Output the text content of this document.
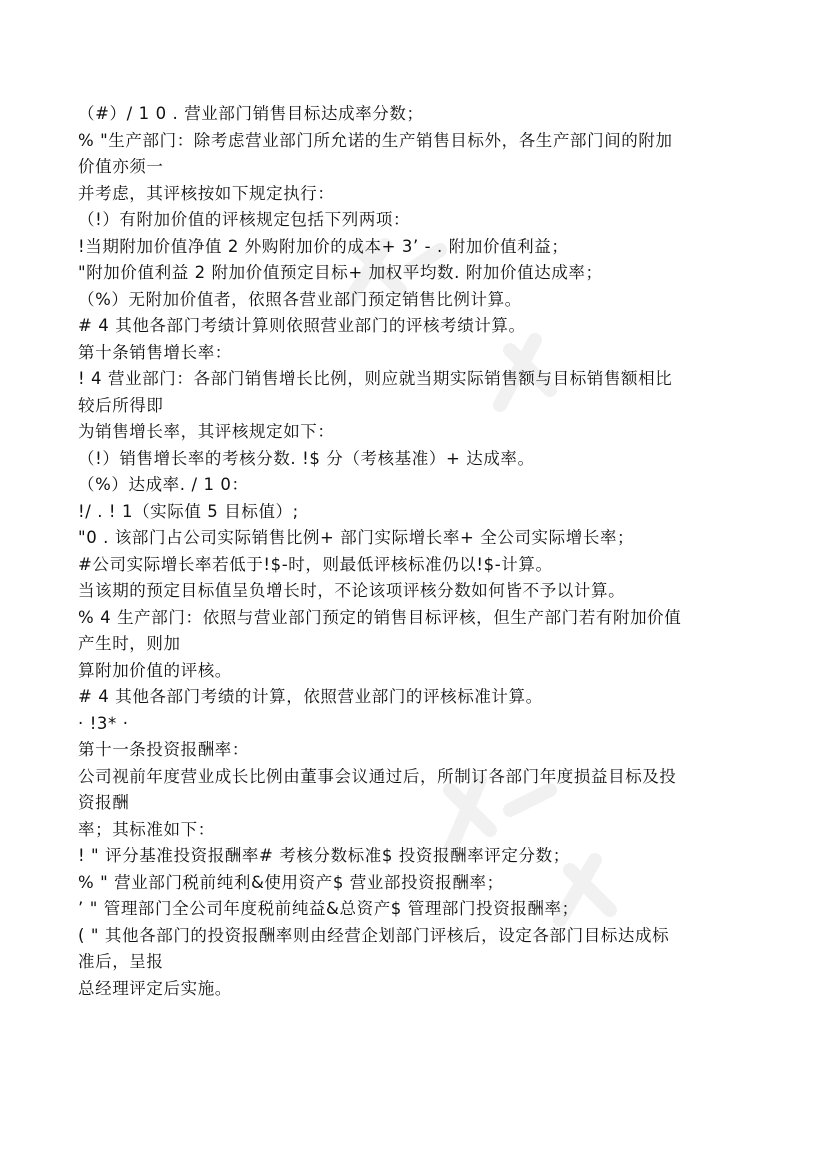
（#）/ 1 0 . 营业部门销售目标达成率分数；
% "生产部门：除考虑营业部门所允诺的生产销售目标外，各生产部门间的附加
价值亦须一
并考虑，其评核按如下规定执行：
（!）有附加价值的评核规定包括下列两项：
!当期附加价值净值 2 外购附加价的成本+ 3’ - . 附加价值利益；
"附加价值利益 2 附加价值预定目标+ 加权平均数. 附加价值达成率；
（%）无附加价值者，依照各营业部门预定销售比例计算。
# 4 其他各部门考绩计算则依照营业部门的评核考绩计算。
第十条销售增长率：
! 4 营业部门：各部门销售增长比例，则应就当期实际销售额与目标销售额相比
较后所得即
为销售增长率，其评核规定如下：
（!）销售增长率的考核分数. !$ 分（考核基准）+ 达成率。
（%）达成率. / 1 0：
!/ . ! 1（实际值 5 目标值）;
"0 . 该部门占公司实际销售比例+ 部门实际增长率+ 全公司实际增长率；
#公司实际增长率若低于!$-时，则最低评核标准仍以!$-计算。
当该期的预定目标值呈负增长时，不论该项评核分数如何皆不予以计算。
% 4 生产部门：依照与营业部门预定的销售目标评核，但生产部门若有附加价值
产生时，则加
算附加价值的评核。
# 4 其他各部门考绩的计算，依照营业部门的评核标准计算。
· !3* ·
第十一条投资报酬率：
公司视前年度营业成长比例由董事会议通过后，所制订各部门年度损益目标及投
资报酬
率；其标准如下：
! " 评分基准投资报酬率# 考核分数标准$ 投资报酬率评定分数；
% " 营业部门税前纯利&使用资产$ 营业部投资报酬率；
’ " 管理部门全公司年度税前纯益&总资产$ 管理部门投资报酬率；
( " 其他各部门的投资报酬率则由经营企划部门评核后，设定各部门目标达成标
准后，呈报
总经理评定后实施。
